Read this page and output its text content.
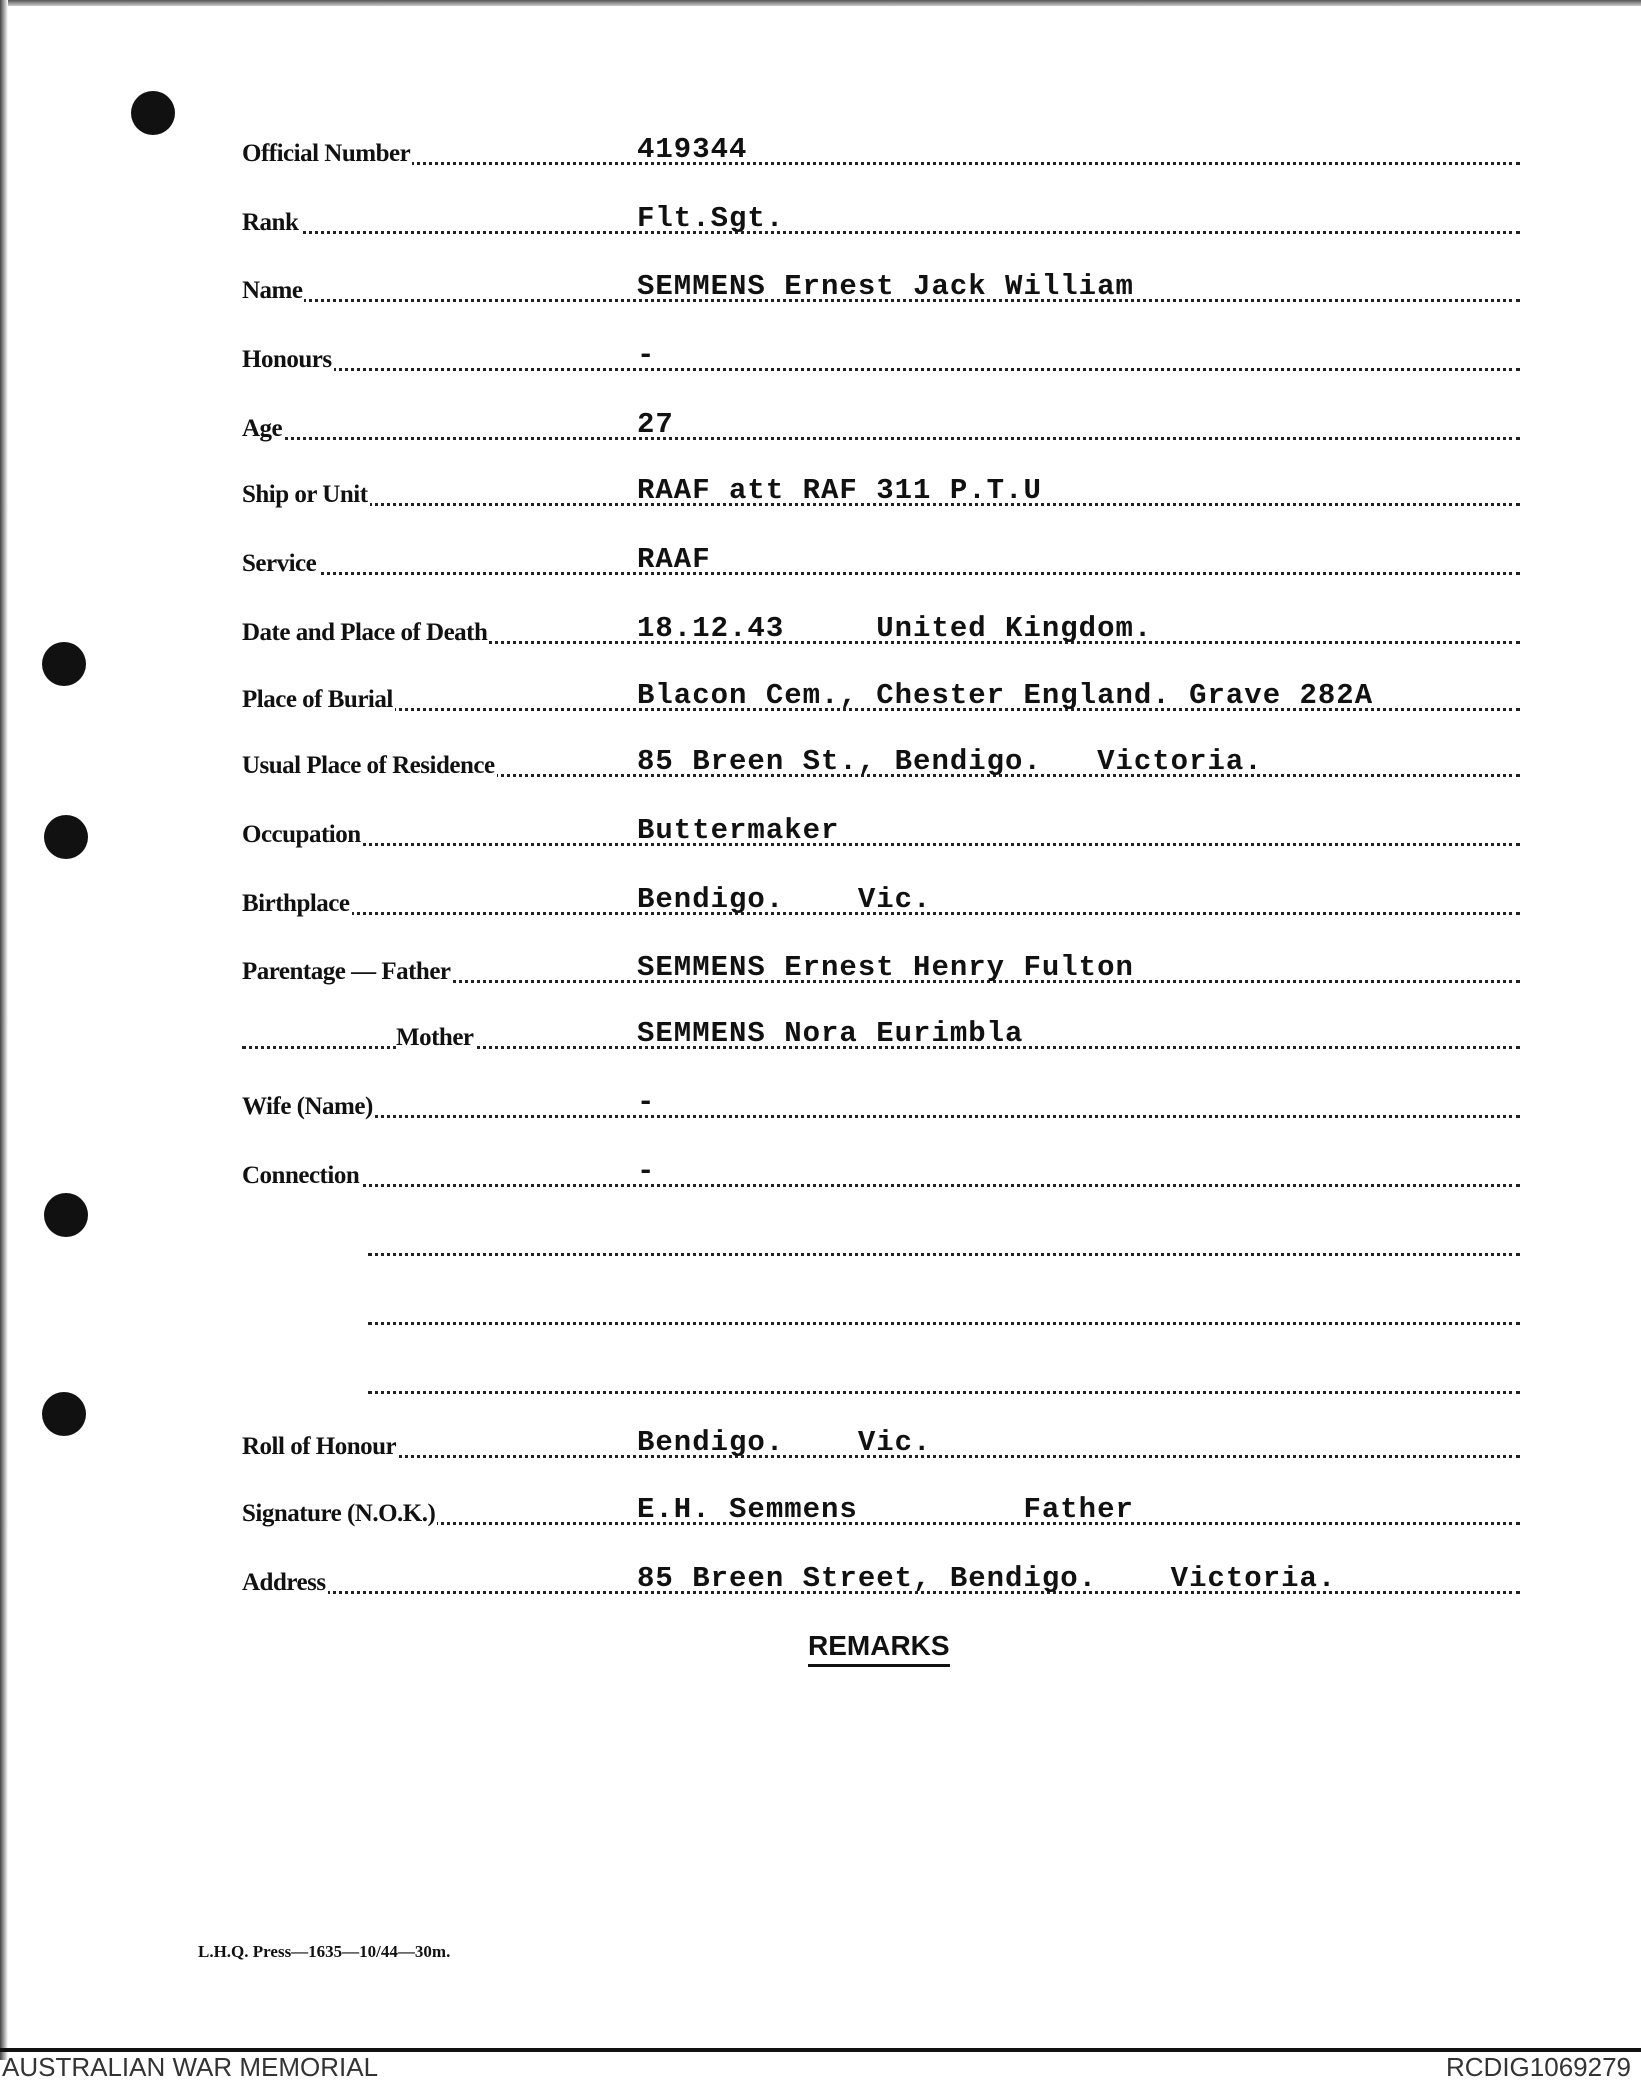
Official Number	419344
Rank	Flt.Sgt.
Name	SEMMENS Ernest Jack William
Honours	-
Age	27
Ship or Unit	RAAF att RAF 311 P.T.U
Service	RAAF
Date and Place of Death	18.12.43     United Kingdom.
Place of Burial	Blacon Cem., Chester England. Grave 282A
Usual Place of Residence	85 Breen St., Bendigo.   Victoria.
Occupation	Buttermaker
Birthplace	Bendigo.    Vic.
Parentage — Father	SEMMENS Ernest Henry Fulton
Mother	SEMMENS Nora Eurimbla
Wife (Name)	-
Connection	-
Roll of Honour	Bendigo.    Vic.
Signature (N.O.K.)	E.H. Semmens         Father
Address	85 Breen Street, Bendigo.    Victoria.
REMARKS
L.H.Q. Press—1635—10/44—30m.
AUSTRALIAN WAR MEMORIAL	RCDIG1069279
